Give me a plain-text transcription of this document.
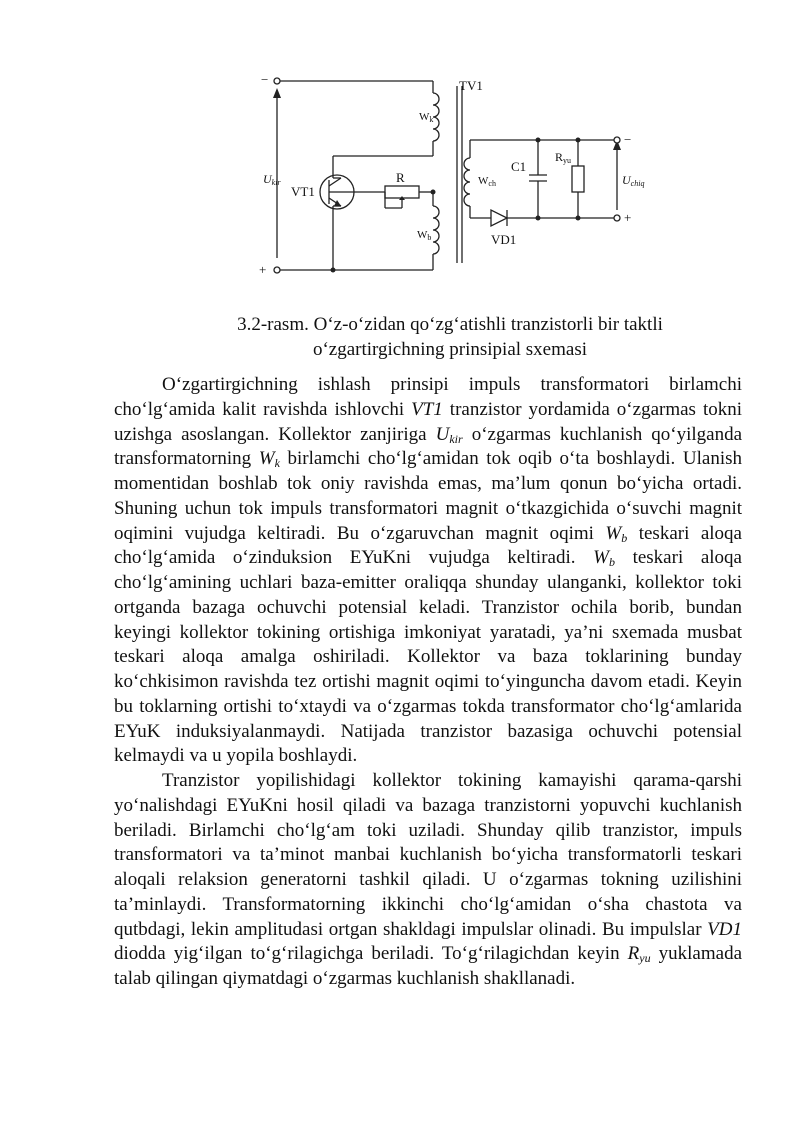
−
+
−
+
TV1
Wk
Wch
Wb
C1
Ryu
Ukir	Uchiq
VT1
R
VD1
3.2-rasm. O‘z-o‘zidan qo‘zg‘atishli tranzistorli bir taktli
o‘zgartirgichning prinsipial sxemasi

O‘zgartirgichning ishlash prinsipi impuls transformatori birlamchi cho‘lg‘amida kalit ravishda ishlovchi VT1 tranzistor yordamida o‘zgarmas tokni uzishga asoslangan. Kollektor zanjiriga $U_{kir}$ o‘zgarmas kuchlanish qo‘yilganda transformatorning $W_k$ birlamchi cho‘lg‘amidan tok oqib o‘ta boshlaydi. Ulanish momentidan boshlab tok oniy ravishda emas, ma’lum qonun bo‘yicha ortadi. Shuning uchun tok impuls transformatori magnit o‘tkazgichida o‘suvchi magnit oqimini vujudga keltiradi. Bu o‘zgaruvchan magnit oqimi $W_b$ teskari aloqa cho‘lg‘amida o‘zinduksion EYuKni vujudga keltiradi. $W_b$ teskari aloqa cho‘lg‘amining uchlari baza-emitter oraliqqa shunday ulanganki, kollektor toki ortganda bazaga ochuvchi potensial keladi. Tranzistor ochila borib, bundan keyingi kollektor tokining ortishiga imkoniyat yaratadi, ya’ni sxemada musbat teskari aloqa amalga oshiriladi. Kollektor va baza toklarining bunday ko‘chkisimon ravishda tez ortishi magnit oqimi to‘yinguncha davom etadi. Keyin bu toklarning ortishi to‘xtaydi va o‘zgarmas tokda transformator cho‘lg‘amlarida EYuK induksiyalanmaydi. Natijada tranzistor bazasiga ochuvchi potensial kelmaydi va u yopila boshlaydi.

Tranzistor yopilishidagi kollektor tokining kamayishi qarama-qarshi yo‘nalishdagi EYuKni hosil qiladi va bazaga tranzistorni yopuvchi kuchlanish beriladi. Birlamchi cho‘lg‘am toki uziladi. Shunday qilib tranzistor, impuls transformatori va ta’minot manbai kuchlanish bo‘yicha transformatorli teskari aloqali relaksion generatorni tashkil qiladi. U o‘zgarmas tokning uzilishini ta’minlaydi. Transformatorning ikkinchi cho‘lg‘amidan o‘sha chastota va qutbdagi, lekin amplitudasi ortgan shakldagi impulslar olinadi. Bu impulslar VD1 diodda yig‘ilgan to‘g‘rilagichga beriladi. To‘g‘rilagichdan keyin $R_{yu}$ yuklamada talab qilingan qiymatdagi o‘zgarmas kuchlanish shakllanadi.
